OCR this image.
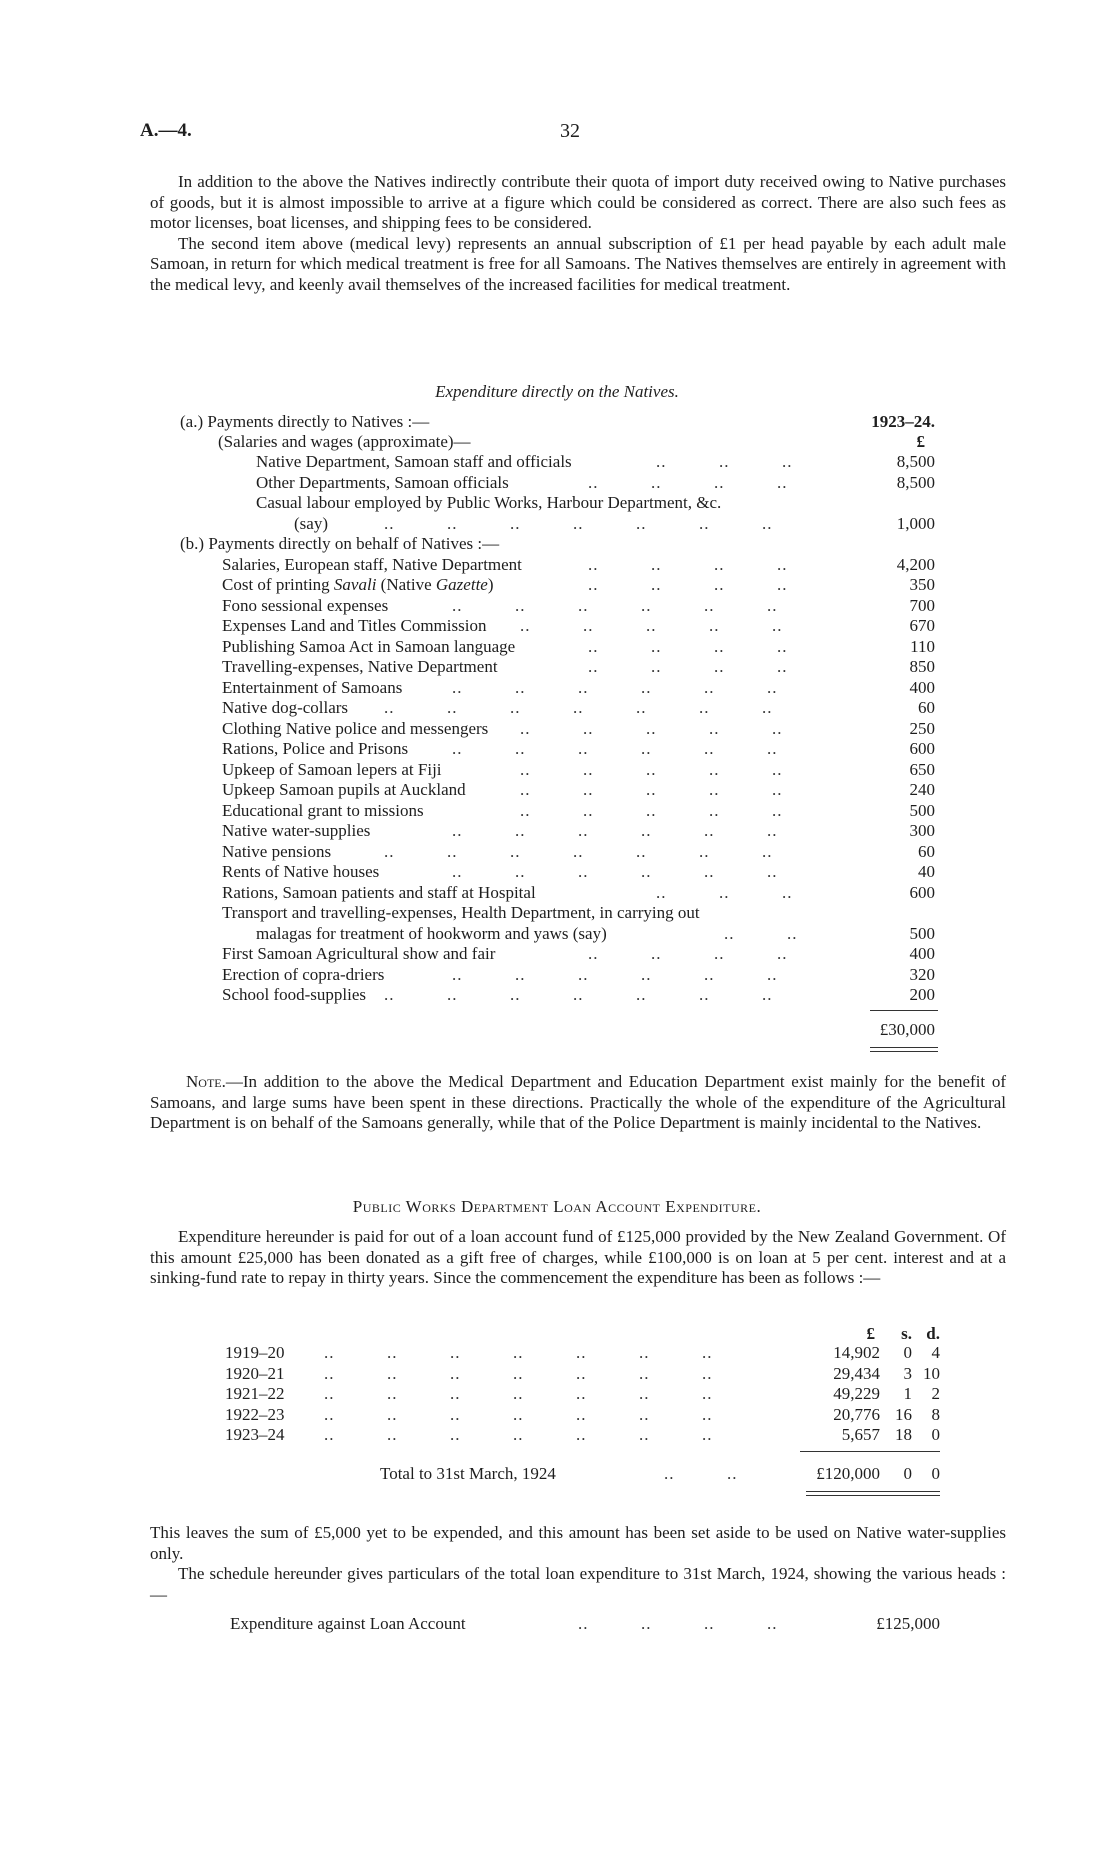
A.—4.	32

In addition to the above the Natives indirectly contribute their quota of import duty received owing to Native purchases of goods, but it is almost impossible to arrive at a figure which could be considered as correct. There are also such fees as motor licenses, boat licenses, and shipping fees to be considered.

The second item above (medical levy) represents an annual subscription of £1 per head payable by each adult male Samoan, in return for which medical treatment is free for all Samoans. The Natives themselves are entirely in agreement with the medical levy, and keenly avail themselves of the increased facilities for medical treatment.

Expenditure directly on the Natives.
(a.) Payments directly to Natives :—	1923–24.
(Salaries and wages (approximate)—	£
Native Department, Samoan staff and officials	..          ..          ..	8,500
Other Departments, Samoan officials	..          ..          ..          ..	8,500
Casual labour employed by Public Works, Harbour Department, &c.
(say)	..          ..          ..          ..          ..          ..          ..	1,000
(b.) Payments directly on behalf of Natives :—
Salaries, European staff, Native Department	..          ..          ..          ..	4,200
Cost of printing Savali (Native Gazette)	..          ..          ..          ..	350
Fono sessional expenses	..          ..          ..          ..          ..          ..	700
Expenses Land and Titles Commission ..          ..          ..          ..          ..	670
Publishing Samoa Act in Samoan language	..          ..          ..          ..	110
Travelling-expenses, Native Department	..          ..          ..          ..	850
Entertainment of Samoans	..          ..          ..          ..          ..          ..	400
Native dog-collars ..          ..          ..          ..          ..          ..          ..	60
Clothing Native police and messengers ..          ..          ..          ..          ..	250
Rations, Police and Prisons	..          ..          ..          ..          ..          ..	600
Upkeep of Samoan lepers at Fiji	..          ..          ..          ..          ..	650
Upkeep Samoan pupils at Auckland	..          ..          ..          ..          ..	240
Educational grant to missions	..          ..          ..          ..          ..	500
Native water-supplies	..          ..          ..          ..          ..          ..	300
Native pensions	..          ..          ..          ..          ..          ..          ..	60
Rents of Native houses	..          ..          ..          ..          ..          ..	40
Rations, Samoan patients and staff at Hospital	..          ..          ..	600
Transport and travelling-expenses, Health Department, in carrying out
malagas for treatment of hookworm and yaws (say)	..          ..	500
First Samoan Agricultural show and fair	..          ..          ..          ..	400
Erection of copra-driers	..          ..          ..          ..          ..          ..	320
School food-supplies ..          ..          ..          ..          ..          ..          ..	200
£30,000

Note.—In addition to the above the Medical Department and Education Department exist mainly for the benefit of Samoans, and large sums have been spent in these directions. Practically the whole of the expenditure of the Agricultural Department is on behalf of the Samoans generally, while that of the Police Department is mainly incidental to the Natives.

Public Works Department Loan Account Expenditure.

Expenditure hereunder is paid for out of a loan account fund of £125,000 provided by the New Zealand Government. Of this amount £25,000 has been donated as a gift free of charges, while £100,000 is on loan at 5 per cent. interest and at a sinking-fund rate to repay in thirty years. Since the commencement the expenditure has been as follows :—

£ s. d.
1919–20 ..          ..          ..          ..          ..          ..          ..	14,902 0 4
1920–21 ..          ..          ..          ..          ..          ..          ..	29,434 3 10
1921–22 ..          ..          ..          ..          ..          ..          ..	49,229 1 2
1922–23 ..          ..          ..          ..          ..          ..          ..	20,776 16 8
1923–24 ..          ..          ..          ..          ..          ..          ..	5,657 18 0
Total to 31st March, 1924	..          ..	£120,000 0 0

This leaves the sum of £5,000 yet to be expended, and this amount has been set aside to be used on Native water-supplies only.

The schedule hereunder gives particulars of the total loan expenditure to 31st March, 1924, showing the various heads :—

Expenditure against Loan Account	..          ..          ..          ..	£125,000
